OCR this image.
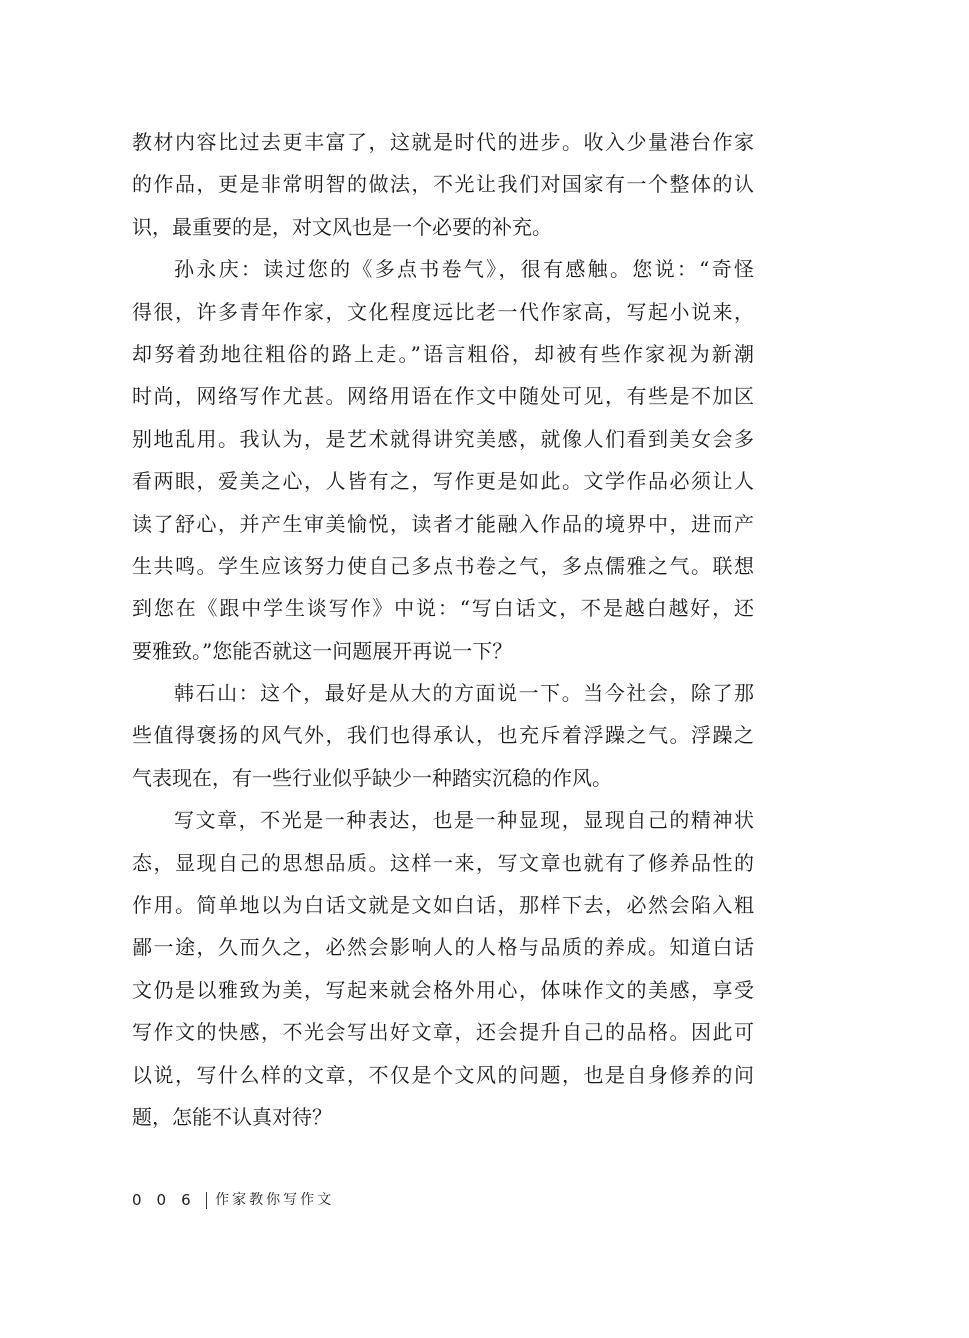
教材内容比过去更丰富了，这就是时代的进步。收入少量港台作家
的作品，更是非常明智的做法，不光让我们对国家有一个整体的认
识，最重要的是，对文风也是一个必要的补充。
孙永庆：读过您的《多点书卷气》，很有感触。您说：“奇怪
得很，许多青年作家，文化程度远比老一代作家高，写起小说来，
却努着劲地往粗俗的路上走。”语言粗俗，却被有些作家视为新潮
时尚，网络写作尤甚。网络用语在作文中随处可见，有些是不加区
别地乱用。我认为，是艺术就得讲究美感，就像人们看到美女会多
看两眼，爱美之心，人皆有之，写作更是如此。文学作品必须让人
读了舒心，并产生审美愉悦，读者才能融入作品的境界中，进而产
生共鸣。学生应该努力使自己多点书卷之气，多点儒雅之气。联想
到您在《跟中学生谈写作》中说：“写白话文，不是越白越好，还
要雅致。”您能否就这一问题展开再说一下？
韩石山：这个，最好是从大的方面说一下。当今社会，除了那
些值得褒扬的风气外，我们也得承认，也充斥着浮躁之气。浮躁之
气表现在，有一些行业似乎缺少一种踏实沉稳的作风。
写文章，不光是一种表达，也是一种显现，显现自己的精神状
态，显现自己的思想品质。这样一来，写文章也就有了修养品性的
作用。简单地以为白话文就是文如白话，那样下去，必然会陷入粗
鄙一途，久而久之，必然会影响人的人格与品质的养成。知道白话
文仍是以雅致为美，写起来就会格外用心，体味作文的美感，享受
写作文的快感，不光会写出好文章，还会提升自己的品格。因此可
以说，写什么样的文章，不仅是个文风的问题，也是自身修养的问
题，怎能不认真对待？
006 作家教你写作文
